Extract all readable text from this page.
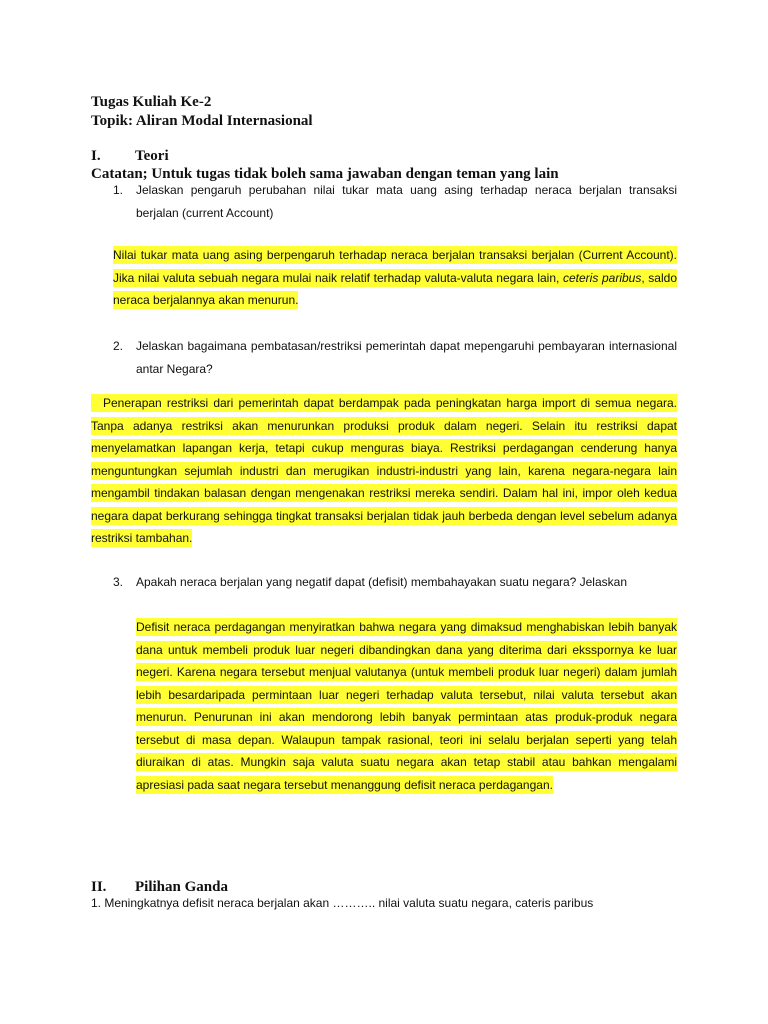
Tugas Kuliah Ke-2
Topik: Aliran Modal Internasional
I. Teori
Catatan; Untuk tugas tidak boleh sama jawaban dengan teman yang lain
1. Jelaskan pengaruh perubahan nilai tukar mata uang asing terhadap neraca berjalan transaksi berjalan (current Account)
Nilai tukar mata uang asing berpengaruh terhadap neraca berjalan transaksi berjalan (Current Account). Jika nilai valuta sebuah negara mulai naik relatif terhadap valuta-valuta negara lain, ceteris paribus, saldo neraca berjalannya akan menurun.
2. Jelaskan bagaimana pembatasan/restriksi pemerintah dapat mepengaruhi pembayaran internasional antar Negara?
Penerapan restriksi dari pemerintah dapat berdampak pada peningkatan harga import di semua negara. Tanpa adanya restriksi akan menurunkan produksi produk dalam negeri. Selain itu restriksi dapat menyelamatkan lapangan kerja, tetapi cukup menguras biaya. Restriksi perdagangan cenderung hanya menguntungkan sejumlah industri dan merugikan industri-industri yang lain, karena negara-negara lain mengambil tindakan balasan dengan mengenakan restriksi mereka sendiri. Dalam hal ini, impor oleh kedua negara dapat berkurang sehingga tingkat transaksi berjalan tidak jauh berbeda dengan level sebelum adanya restriksi tambahan.
3. Apakah neraca berjalan yang negatif dapat (defisit) membahayakan suatu negara? Jelaskan
Defisit neraca perdagangan menyiratkan bahwa negara yang dimaksud menghabiskan lebih banyak dana untuk membeli produk luar negeri dibandingkan dana yang diterima dari eksspornya ke luar negeri. Karena negara tersebut menjual valutanya (untuk membeli produk luar negeri) dalam jumlah lebih besardaripada permintaan luar negeri terhadap valuta tersebut, nilai valuta tersebut akan menurun. Penurunan ini akan mendorong lebih banyak permintaan atas produk-produk negara tersebut di masa depan. Walaupun tampak rasional, teori ini selalu berjalan seperti yang telah diuraikan di atas. Mungkin saja valuta suatu negara akan tetap stabil atau bahkan mengalami apresiasi pada saat negara tersebut menanggung defisit neraca perdagangan.
II. Pilihan Ganda
1. Meningkatnya defisit neraca berjalan akan ……….. nilai valuta suatu negara, cateris paribus
